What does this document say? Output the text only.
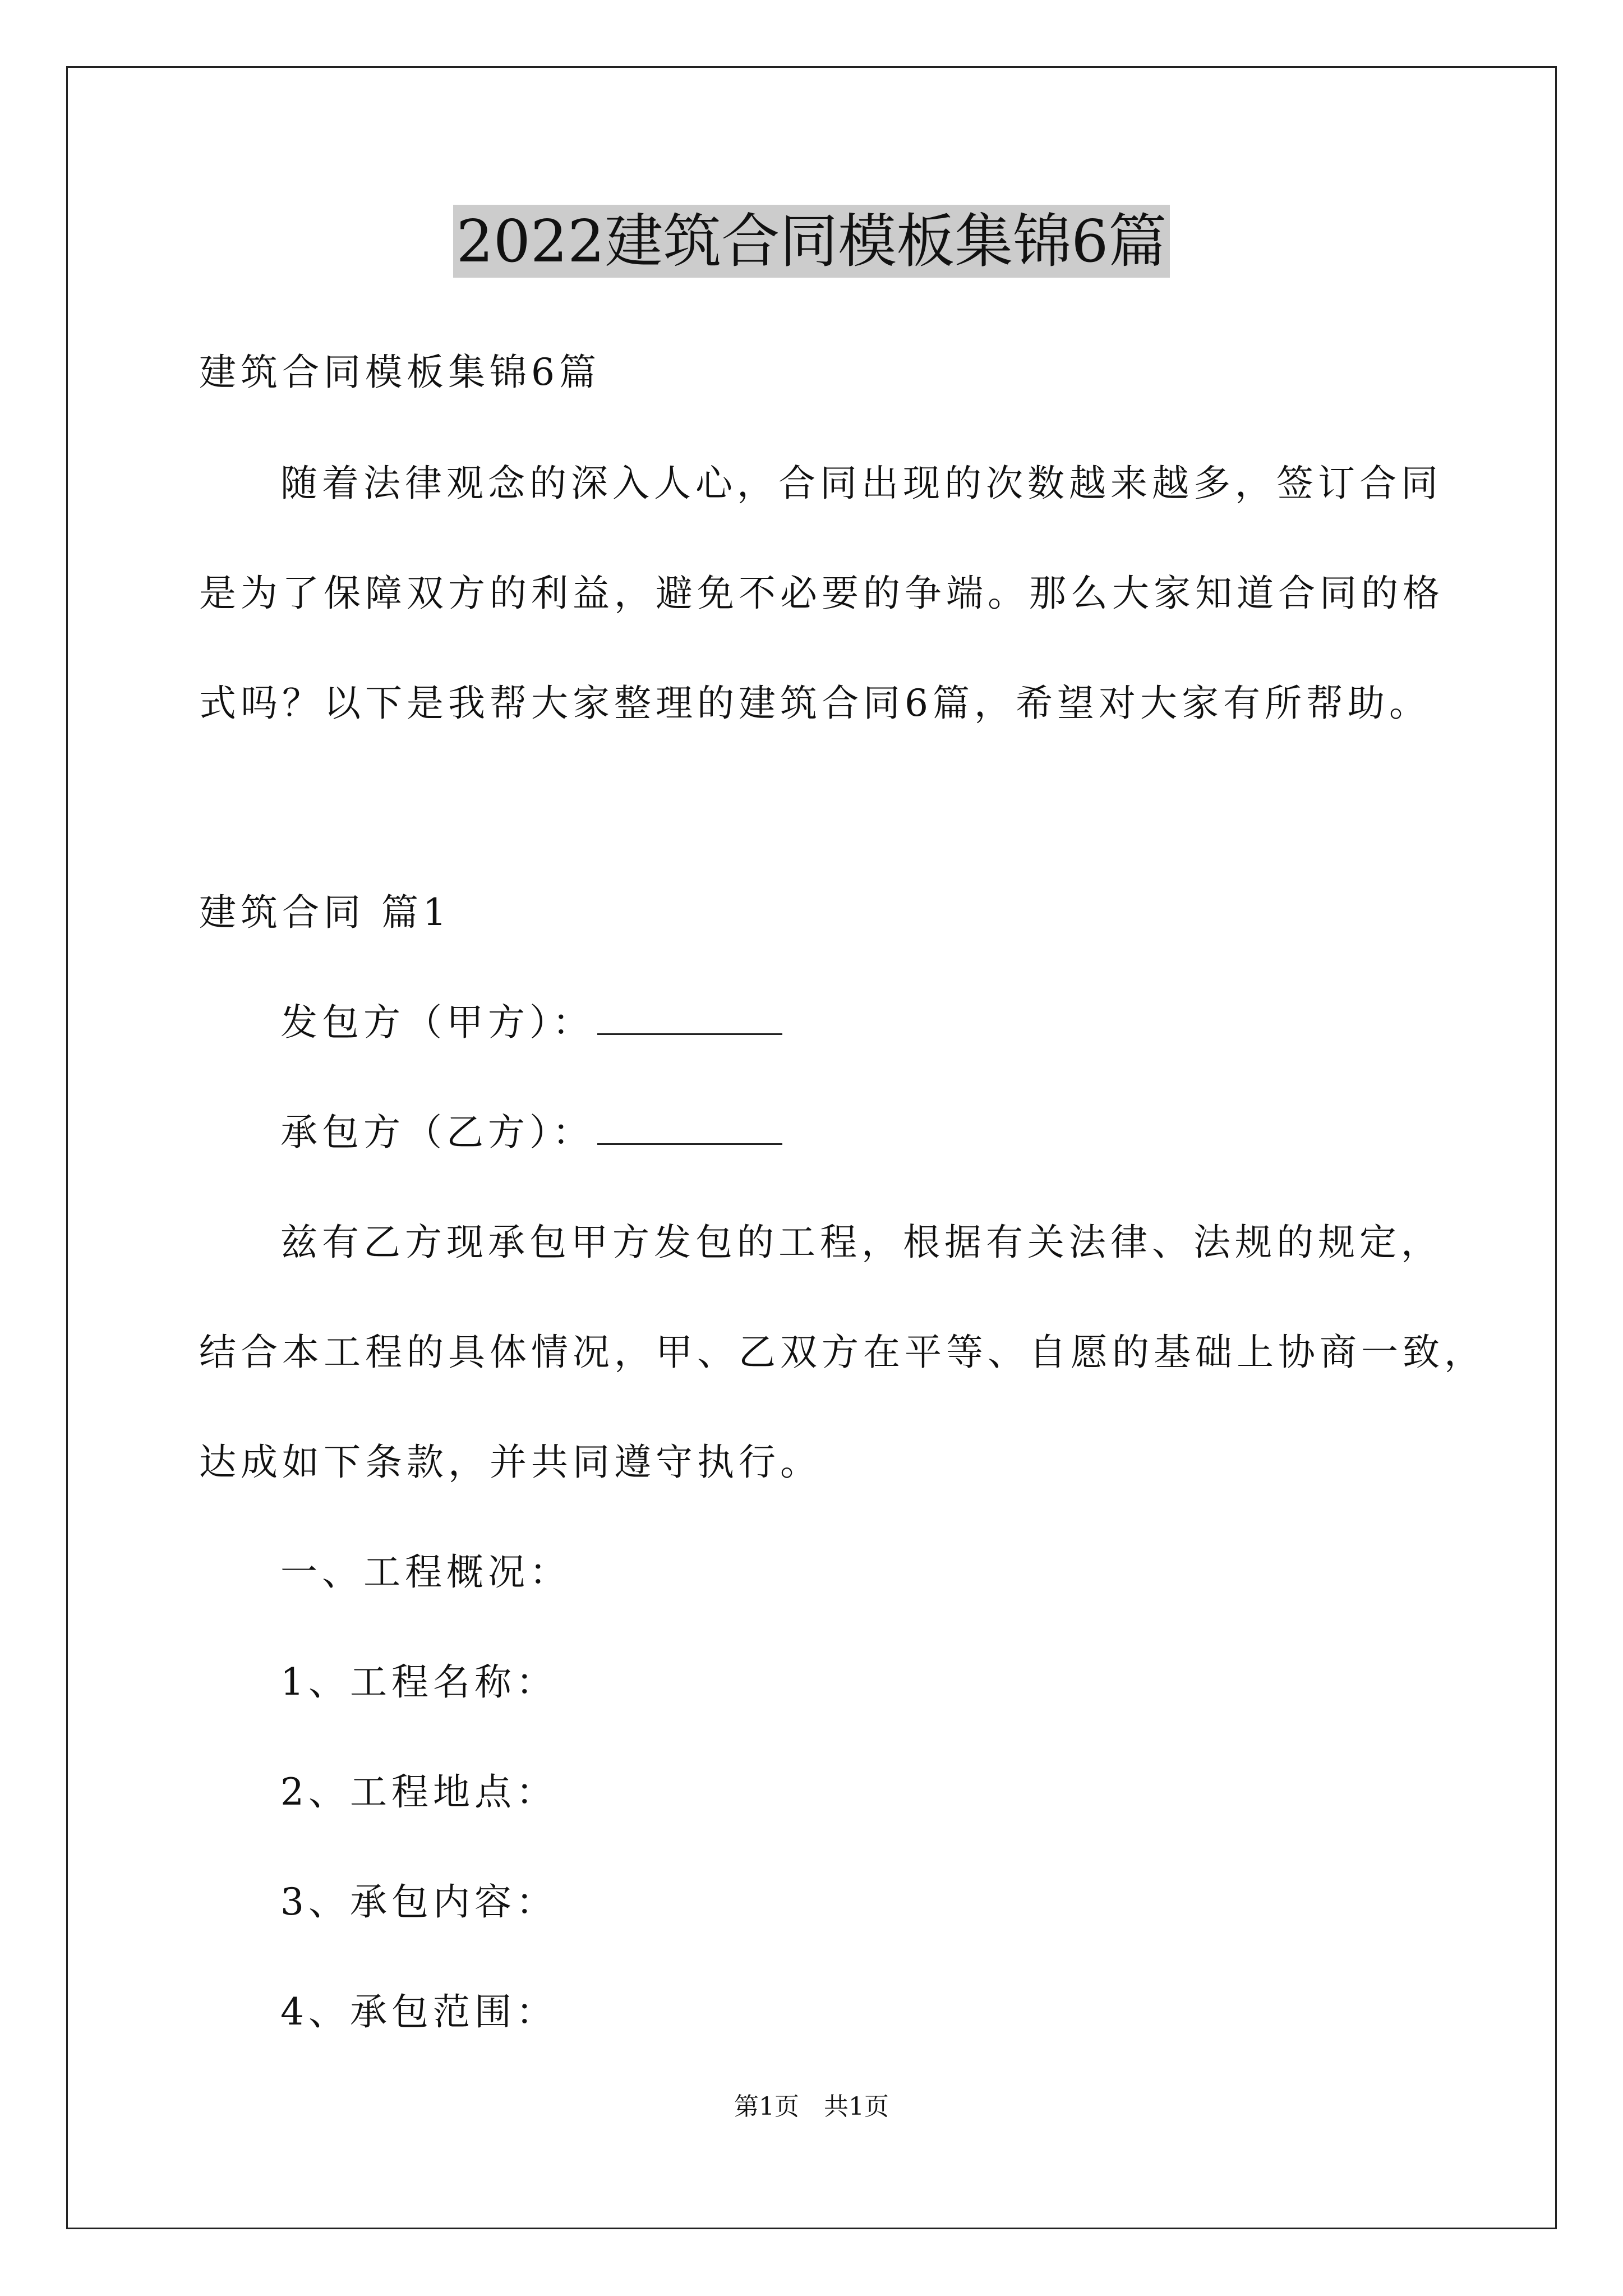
2022建筑合同模板集锦6篇
建筑合同模板集锦6篇
随着法律观念的深入人心，合同出现的次数越来越多，签订合同
是为了保障双方的利益，避免不必要的争端。那么大家知道合同的格
式吗？以下是我帮大家整理的建筑合同6篇，希望对大家有所帮助。
建筑合同 篇1
发包方（甲方）：
承包方（乙方）：
兹有乙方现承包甲方发包的工程，根据有关法律、法规的规定，
结合本工程的具体情况，甲、乙双方在平等、自愿的基础上协商一致，
达成如下条款，并共同遵守执行。
一、工程概况：
1、工程名称：
2、工程地点：
3、承包内容：
4、承包范围：
第1页 共1页
